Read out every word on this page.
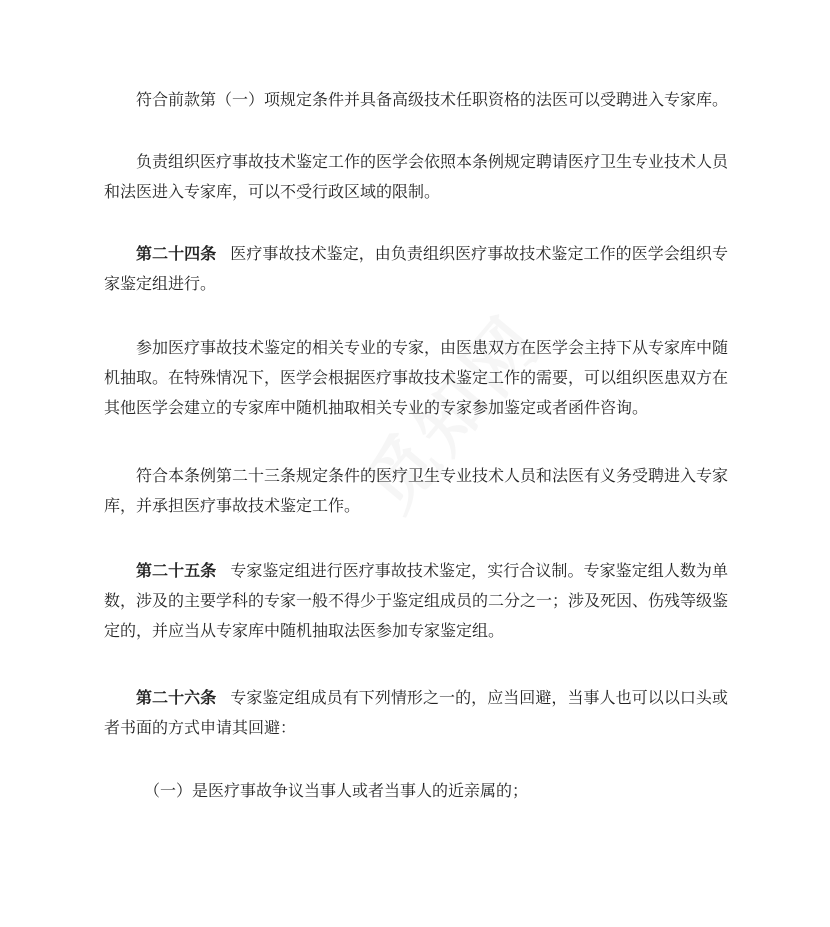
符合前款第（一）项规定条件并具备高级技术任职资格的法医可以受聘进入专家库。

负责组织医疗事故技术鉴定工作的医学会依照本条例规定聘请医疗卫生专业技术人员和法医进入专家库，可以不受行政区域的限制。

第二十四条 医疗事故技术鉴定，由负责组织医疗事故技术鉴定工作的医学会组织专家鉴定组进行。

参加医疗事故技术鉴定的相关专业的专家，由医患双方在医学会主持下从专家库中随机抽取。在特殊情况下，医学会根据医疗事故技术鉴定工作的需要，可以组织医患双方在其他医学会建立的专家库中随机抽取相关专业的专家参加鉴定或者函件咨询。

符合本条例第二十三条规定条件的医疗卫生专业技术人员和法医有义务受聘进入专家库，并承担医疗事故技术鉴定工作。

第二十五条 专家鉴定组进行医疗事故技术鉴定，实行合议制。专家鉴定组人数为单数，涉及的主要学科的专家一般不得少于鉴定组成员的二分之一；涉及死因、伤残等级鉴定的，并应当从专家库中随机抽取法医参加专家鉴定组。

第二十六条 专家鉴定组成员有下列情形之一的，应当回避，当事人也可以以口头或者书面的方式申请其回避：

（一）是医疗事故争议当事人或者当事人的近亲属的；
